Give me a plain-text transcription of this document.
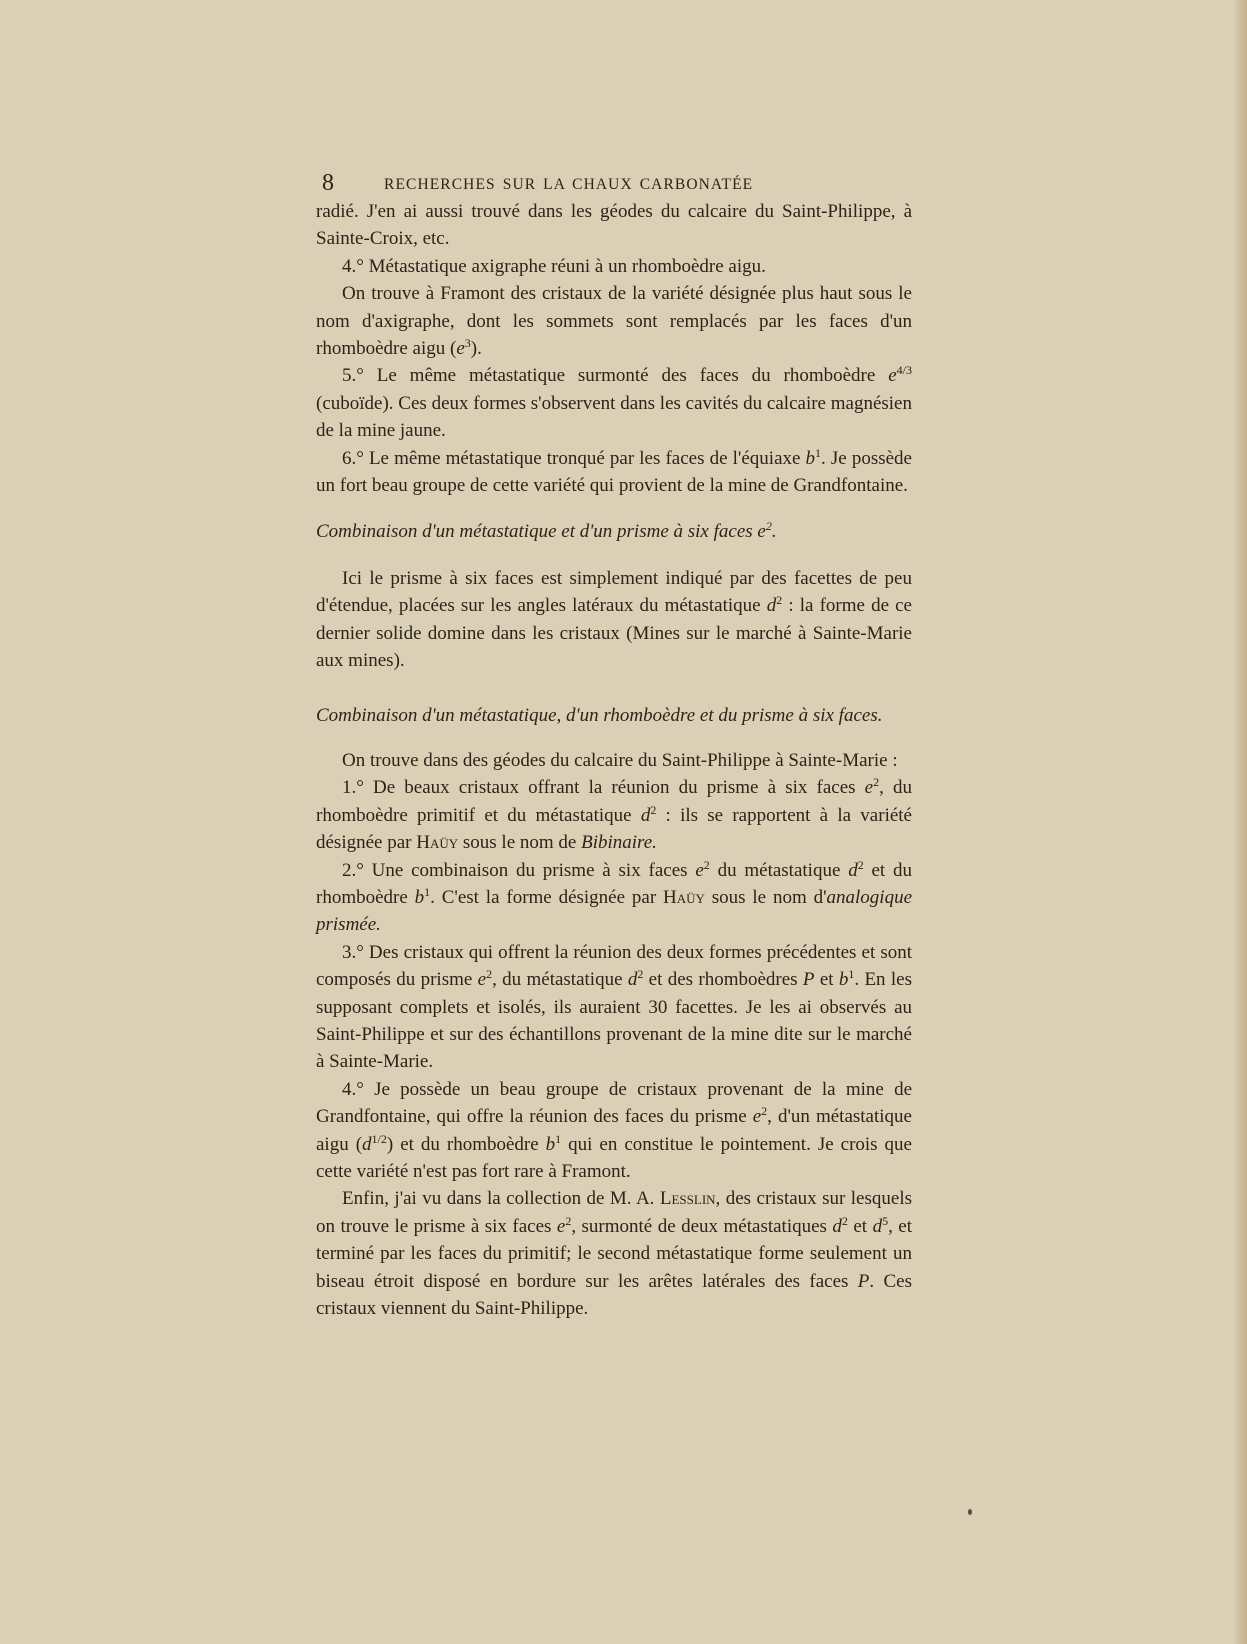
8	RECHERCHES SUR LA CHAUX CARBONATÉE

radié. J'en ai aussi trouvé dans les géodes du calcaire du Saint-Philippe, à Sainte-Croix, etc.

4.° Métastatique axigraphe réuni à un rhomboèdre aigu.

On trouve à Framont des cristaux de la variété désignée plus haut sous le nom d'axigraphe, dont les sommets sont remplacés par les faces d'un rhomboèdre aigu $(e^3)$.

5.° Le même métastatique surmonté des faces du rhomboèdre $e^{4/3}$ (cuboïde). Ces deux formes s'observent dans les cavités du calcaire magnésien de la mine jaune.

6.° Le même métastatique tronqué par les faces de l'équiaxe $b^1$. Je possède un fort beau groupe de cette variété qui provient de la mine de Grandfontaine.

Combinaison d'un métastatique et d'un prisme à six faces $e^2$.

Ici le prisme à six faces est simplement indiqué par des facettes de peu d'étendue, placées sur les angles latéraux du métastatique $d^2$ : la forme de ce dernier solide domine dans les cristaux (Mines sur le marché à Sainte-Marie aux mines).

Combinaison d'un métastatique, d'un rhomboèdre et du prisme à six faces.

On trouve dans des géodes du calcaire du Saint-Philippe à Sainte-Marie :

1.° De beaux cristaux offrant la réunion du prisme à six faces $e^2$, du rhomboèdre primitif et du métastatique $d^2$ : ils se rapportent à la variété désignée par Haüy sous le nom de Bibinaire.

2.° Une combinaison du prisme à six faces $e^2$ du métastatique $d^2$ et du rhomboèdre $b^1$. C'est la forme désignée par Haüy sous le nom d'analogique prismée.

3.° Des cristaux qui offrent la réunion des deux formes précédentes et sont composés du prisme $e^2$, du métastatique $d^2$ et des rhomboèdres P et $b^1$. En les supposant complets et isolés, ils auraient 30 facettes. Je les ai observés au Saint-Philippe et sur des échantillons provenant de la mine dite sur le marché à Sainte-Marie.

4.° Je possède un beau groupe de cristaux provenant de la mine de Grandfontaine, qui offre la réunion des faces du prisme $e^2$, d'un métastatique aigu $(d^{1/2})$ et du rhomboèdre $b^1$ qui en constitue le pointement. Je crois que cette variété n'est pas fort rare à Framont.

Enfin, j'ai vu dans la collection de M. A. Lesslin, des cristaux sur lesquels on trouve le prisme à six faces $e^2$, surmonté de deux métastatiques $d^2$ et $d^5$, et terminé par les faces du primitif; le second métastatique forme seulement un biseau étroit disposé en bordure sur les arêtes latérales des faces P. Ces cristaux viennent du Saint-Philippe.
